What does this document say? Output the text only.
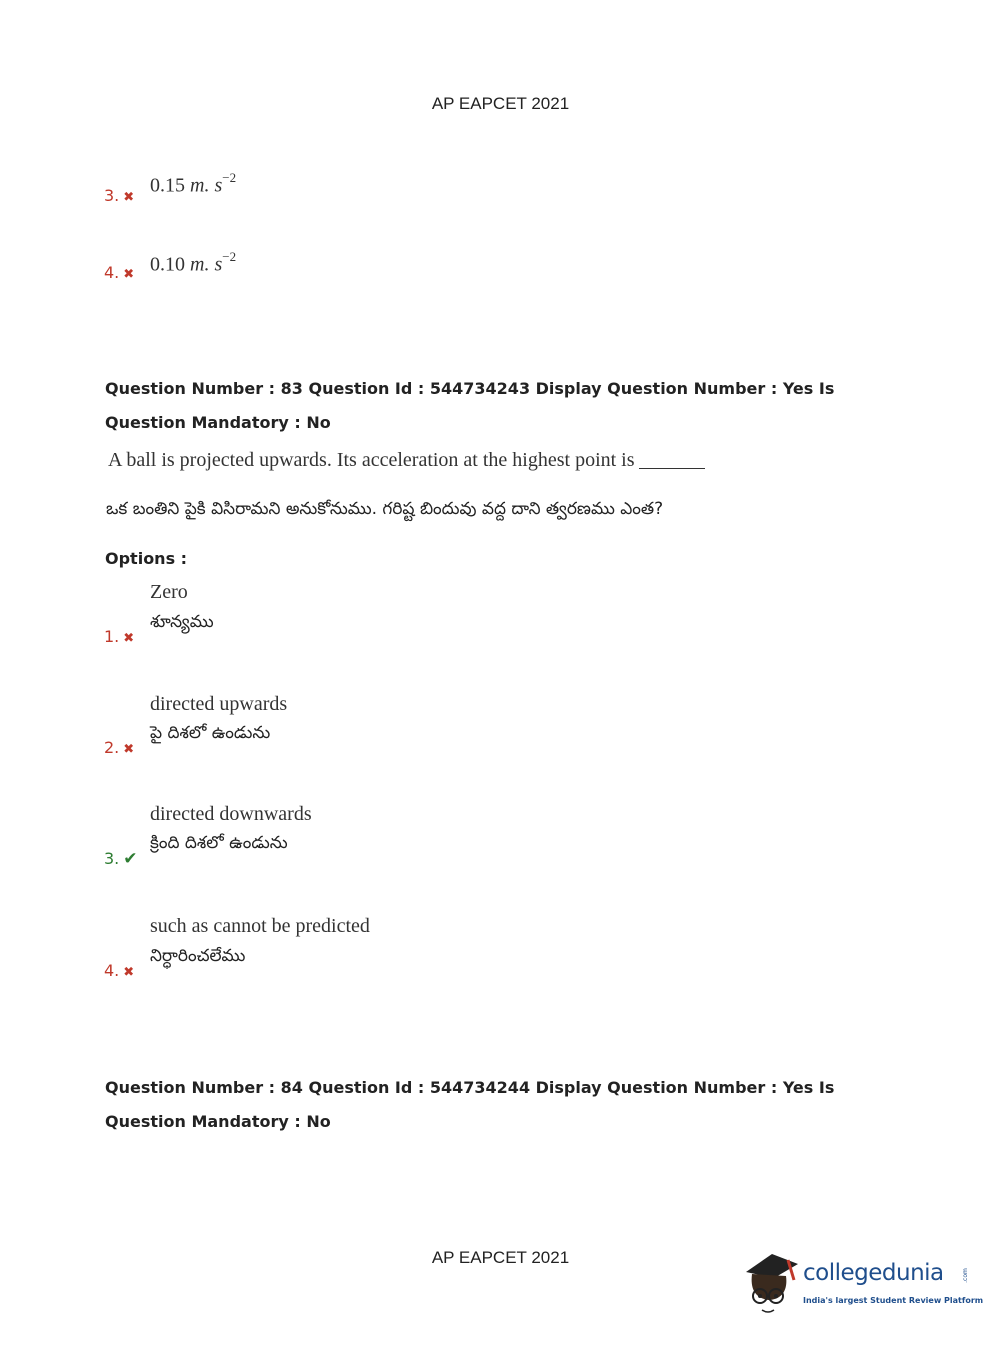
AP EAPCET 2021
3. ✖
0.15 m. $s^{-2}$
4. ✖ 0.10 m. $s^{-2}$
Question Number : 83 Question Id : 544734243 Display Question Number : Yes Is Question Mandatory : No
A ball is projected upwards. Its acceleration at the highest point is
ఒక బంతిని పైకి విసిరామని అనుకోనుము. గరిష్ట బిందువు వద్ద దాని త్వరణము ఎంత?
Options :
Zero
శూన్యము
1. ✖
directed upwards
పై దిశలో ఉండును
2. ✖
directed downwards
క్రింది దిశలో ఉండును
3. ✔
such as cannot be predicted
నిర్ధారించలేము
4. ✖
Question Number : 84 Question Id : 544734244 Display Question Number : Yes Is Question Mandatory : No
AP EAPCET 2021
collegedunia	.com
India's largest Student Review Platform
